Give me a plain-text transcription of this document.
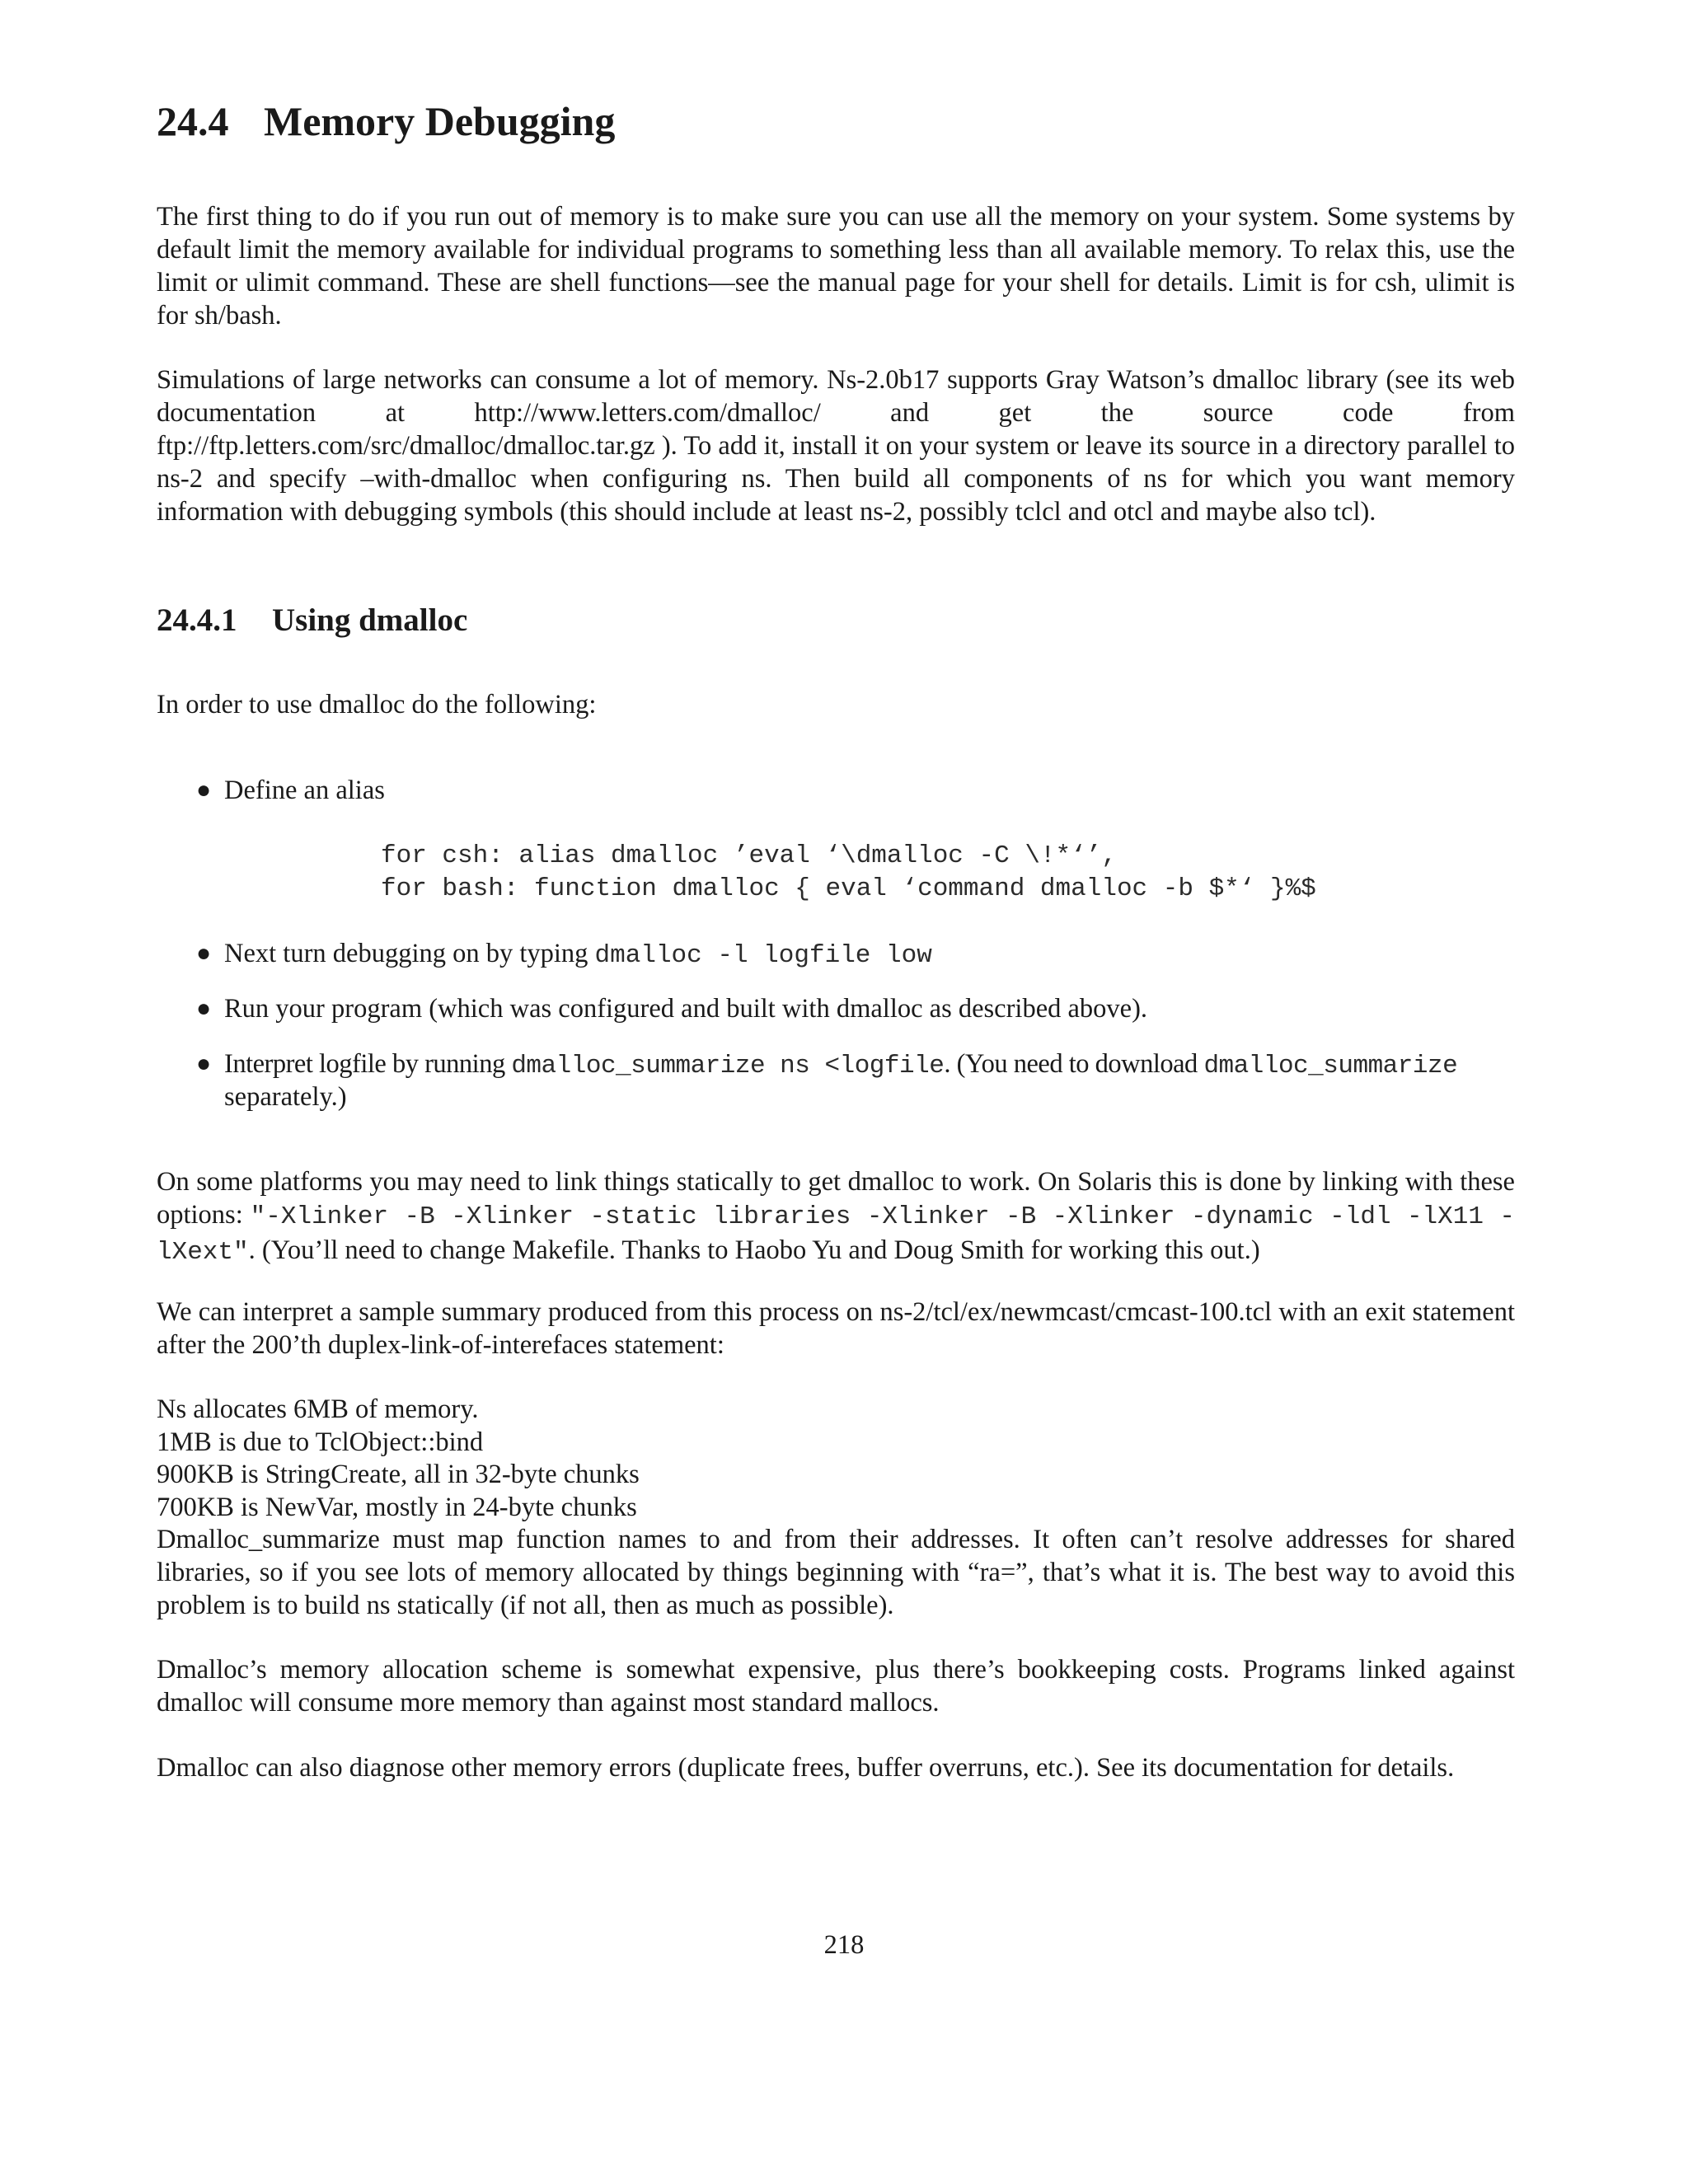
24.4 Memory Debugging

The first thing to do if you run out of memory is to make sure you can use all the memory on your system. Some systems by default limit the memory available for individual programs to something less than all available memory. To relax this, use the limit or ulimit command. These are shell functions—see the manual page for your shell for details. Limit is for csh, ulimit is for sh/bash.

Simulations of large networks can consume a lot of memory. Ns-2.0b17 supports Gray Watson’s dmalloc library (see its web documentation at http://www.letters.com/dmalloc/ and get the source code from ftp://ftp.letters.com/src/dmalloc/dmalloc.tar.gz ). To add it, install it on your system or leave its source in a directory parallel to ns-2 and specify –with-dmalloc when configuring ns. Then build all components of ns for which you want memory information with debugging symbols (this should include at least ns-2, possibly tclcl and otcl and maybe also tcl).

24.4.1 Using dmalloc

In order to use dmalloc do the following:

● Define an alias
for csh: alias dmalloc ’eval ‘\dmalloc -C \!*‘’,
for bash: function dmalloc { eval ‘command dmalloc -b $*‘ }%$
● Next turn debugging on by typing dmalloc -l logfile low
● Run your program (which was configured and built with dmalloc as described above).
● Interpret logfile by running dmalloc_summarize ns <logfile. (You need to download dmalloc_summarize
separately.)

On some platforms you may need to link things statically to get dmalloc to work. On Solaris this is done by linking with these options: "-Xlinker -B -Xlinker -static libraries -Xlinker -B -Xlinker -dynamic -ldl -lX11 -lXext". (You’ll need to change Makefile. Thanks to Haobo Yu and Doug Smith for working this out.)

We can interpret a sample summary produced from this process on ns-2/tcl/ex/newmcast/cmcast-100.tcl with an exit statement after the 200’th duplex-link-of-interefaces statement:

Ns allocates 6MB of memory.
1MB is due to TclObject::bind
900KB is StringCreate, all in 32-byte chunks
700KB is NewVar, mostly in 24-byte chunks

Dmalloc_summarize must map function names to and from their addresses. It often can’t resolve addresses for shared libraries, so if you see lots of memory allocated by things beginning with “ra=”, that’s what it is. The best way to avoid this problem is to build ns statically (if not all, then as much as possible).

Dmalloc’s memory allocation scheme is somewhat expensive, plus there’s bookkeeping costs. Programs linked against dmalloc will consume more memory than against most standard mallocs.

Dmalloc can also diagnose other memory errors (duplicate frees, buffer overruns, etc.). See its documentation for details.

218
